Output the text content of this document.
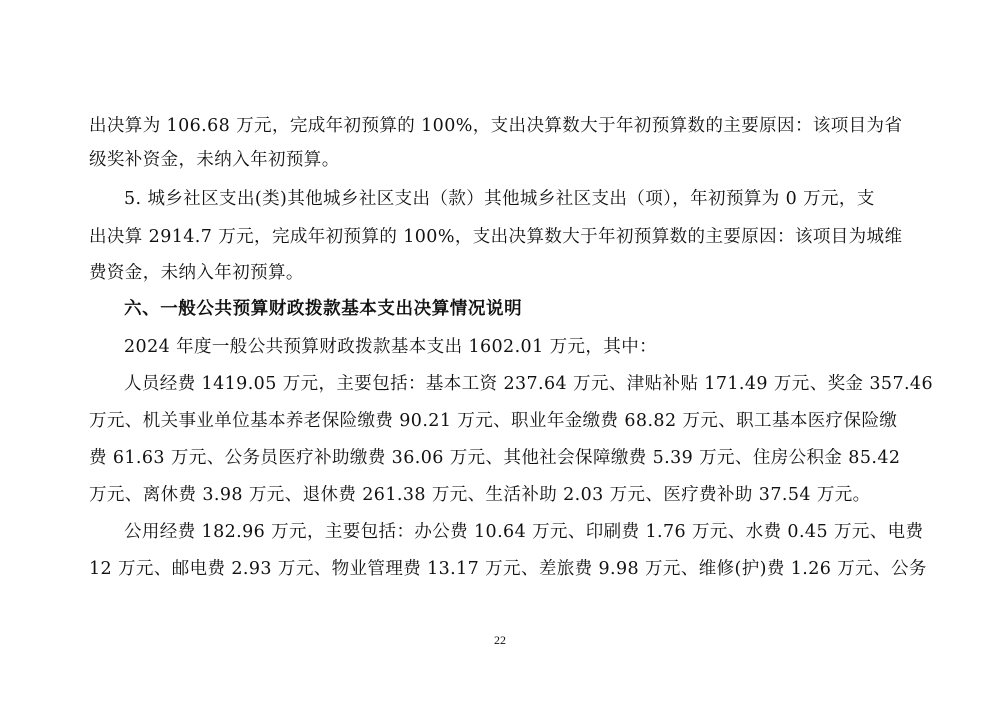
出决算为 106.68 万元，完成年初预算的 100%，支出决算数大于年初预算数的主要原因：该项目为省
级奖补资金，未纳入年初预算。
5. 城乡社区支出(类)其他城乡社区支出（款）其他城乡社区支出（项），年初预算为 0 万元，支
出决算 2914.7 万元，完成年初预算的 100%，支出决算数大于年初预算数的主要原因：该项目为城维
费资金，未纳入年初预算。
六、一般公共预算财政拨款基本支出决算情况说明
2024 年度一般公共预算财政拨款基本支出 1602.01 万元，其中：
人员经费 1419.05 万元，主要包括：基本工资 237.64 万元、津贴补贴 171.49 万元、奖金 357.46
万元、机关事业单位基本养老保险缴费 90.21 万元、职业年金缴费 68.82 万元、职工基本医疗保险缴
费 61.63 万元、公务员医疗补助缴费 36.06 万元、其他社会保障缴费 5.39 万元、住房公积金 85.42
万元、离休费 3.98 万元、退休费 261.38 万元、生活补助 2.03 万元、医疗费补助 37.54 万元。
公用经费 182.96 万元，主要包括：办公费 10.64 万元、印刷费 1.76 万元、水费 0.45 万元、电费
12 万元、邮电费 2.93 万元、物业管理费 13.17 万元、差旅费 9.98 万元、维修(护)费 1.26 万元、公务
22
